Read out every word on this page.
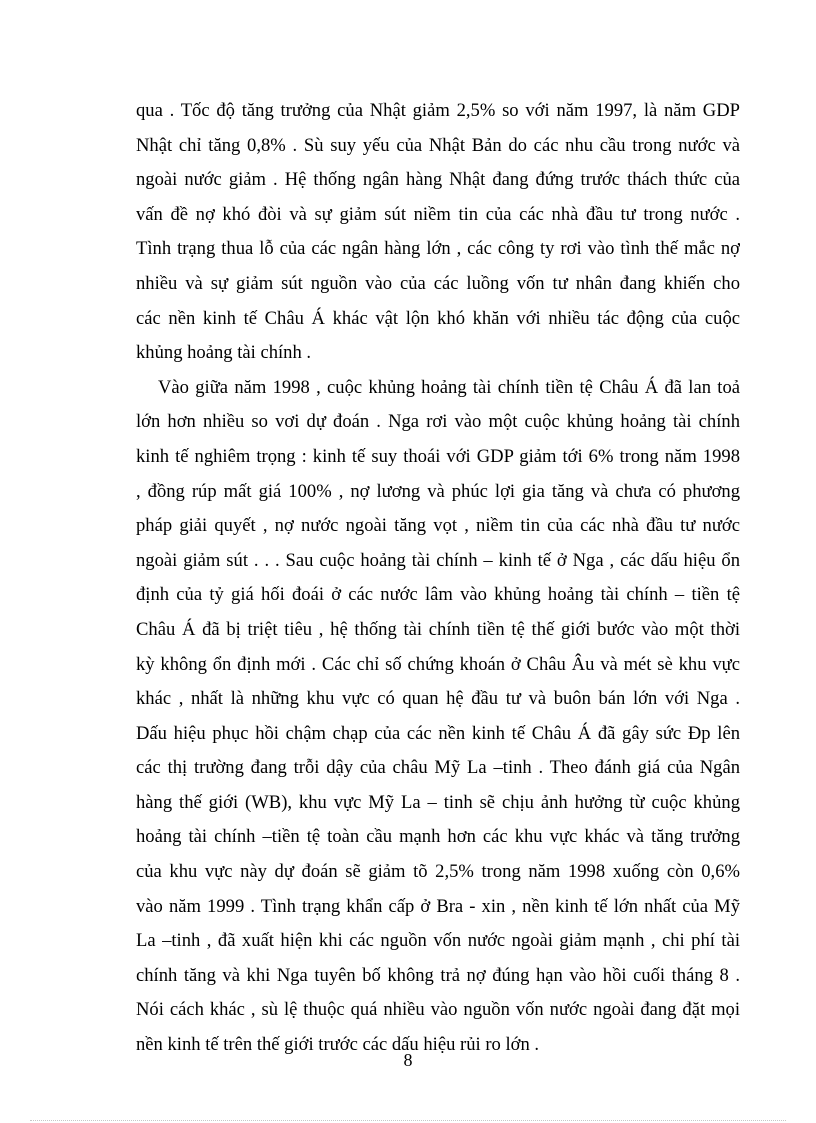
qua . Tốc độ tăng trưởng của Nhật giảm 2,5% so với năm 1997, là năm GDP
Nhật chỉ tăng 0,8% . Sù suy yếu của Nhật Bản do các nhu cầu trong nước và
ngoài nước giảm . Hệ thống ngân hàng Nhật đang đứng trước thách thức của
vấn đề nợ khó đòi và sự giảm sút niềm tin của các nhà đầu tư trong nước .
Tình trạng thua lỗ của các ngân hàng lớn , các công ty rơi vào tình thế mắc nợ
nhiều và sự giảm sút nguồn vào của các luồng vốn tư nhân đang khiến cho
các nền kinh tế Châu Á khác vật lộn khó khăn với nhiều tác động của cuộc
khủng hoảng tài chính .
Vào giữa năm 1998 , cuộc khủng hoảng tài chính tiền tệ Châu Á đã lan toả
lớn hơn nhiều so vơi dự đoán . Nga rơi vào một cuộc khủng hoảng tài chính
kinh tế nghiêm trọng : kinh tế suy thoái với GDP giảm tới 6% trong năm 1998
, đồng rúp mất giá 100% , nợ lương và phúc lợi gia tăng và chưa có phương
pháp giải quyết , nợ nước ngoài tăng vọt , niềm tin của các nhà đầu tư nước
ngoài giảm sút . . . Sau cuộc hoảng tài chính – kinh tế ở Nga , các dấu hiệu ổn
định của tỷ giá hối đoái ở các nước lâm vào khủng hoảng tài chính – tiền tệ
Châu Á đã bị triệt tiêu , hệ thống tài chính tiền tệ thế giới bước vào một thời
kỳ không ổn định mới . Các chỉ số chứng khoán ở Châu Âu và mét sè khu vực
khác , nhất là những khu vực có quan hệ đầu tư và buôn bán lớn với Nga .
Dấu hiệu phục hồi chậm chạp của các nền kinh tế Châu Á đã gây sức Ðp lên
các thị trường đang trỗi dậy của châu Mỹ La –tinh . Theo đánh giá của Ngân
hàng thế giới (WB), khu vực Mỹ La – tinh sẽ chịu ảnh hưởng từ cuộc khủng
hoảng tài chính –tiền tệ toàn cầu mạnh hơn các khu vực khác và tăng trưởng
của khu vực này dự đoán sẽ giảm tõ 2,5% trong năm 1998 xuống còn 0,6%
vào năm 1999 . Tình trạng khẩn cấp ở Bra - xin , nền kinh tế lớn nhất của Mỹ
La –tinh , đã xuất hiện khi các nguồn vốn nước ngoài giảm mạnh , chi phí tài
chính tăng và khi Nga tuyên bố không trả nợ đúng hạn vào hồi cuối tháng 8 .
Nói cách khác , sù lệ thuộc quá nhiều vào nguồn vốn nước ngoài đang đặt mọi
nền kinh tế trên thế giới trước các dấu hiệu rủi ro lớn .
8
